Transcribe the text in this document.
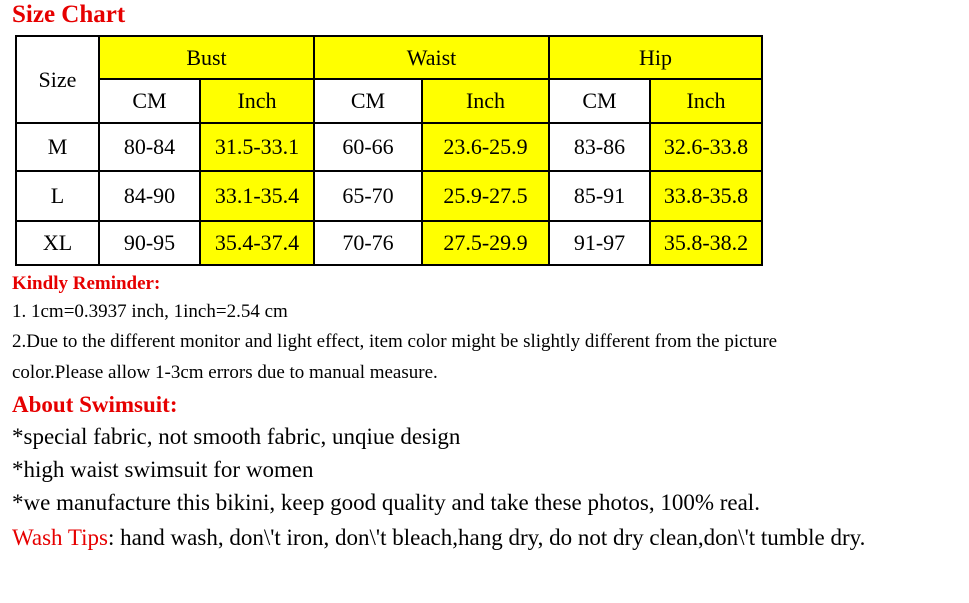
Size Chart
Size	Bust		Waist		Hip	
	CM	Inch	CM	Inch	CM	Inch
M	80-84	31.5-33.1	60-66	23.6-25.9	83-86	32.6-33.8
L	84-90	33.1-35.4	65-70	25.9-27.5	85-91	33.8-35.8
XL	90-95	35.4-37.4	70-76	27.5-29.9	91-97	35.8-38.2
Kindly Reminder:
1. 1cm=0.3937 inch, 1inch=2.54 cm
2.Due to the different monitor and light effect, item color might be slightly different from the picture
color.Please allow 1-3cm errors due to manual measure.
About Swimsuit:
*special fabric, not smooth fabric, unqiue design
*high waist swimsuit for women
*we manufacture this bikini, keep good quality and take these photos, 100% real.
Wash Tips: hand wash, don\'t iron, don\'t bleach,hang dry, do not dry clean,don\'t tumble dry.
